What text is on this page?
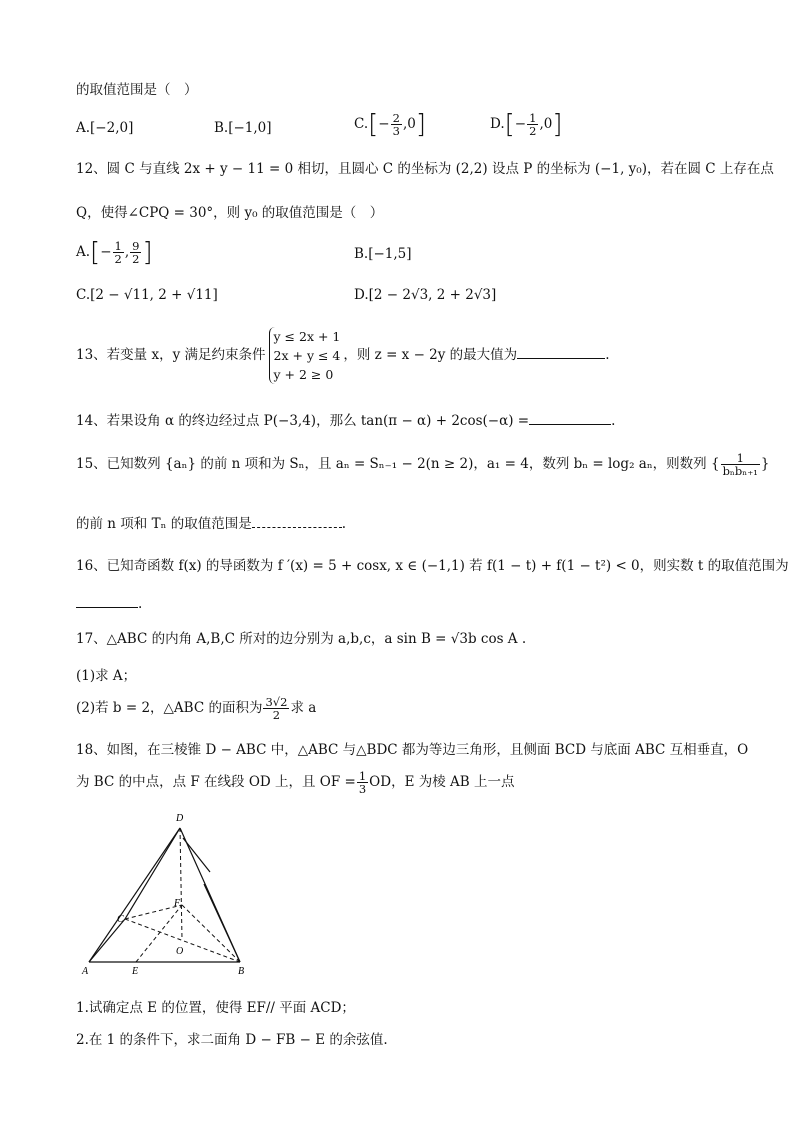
的取值范围是（　）
A.[−2,0]	B.[−1,0]	$C.[- \frac{2}{3} ,0]$	$D.[- \frac{1}{2} ,0]$
12、圆 C 与直线 2x + y − 11 = 0 相切，且圆心 C 的坐标为 (2,2) 设点 P 的坐标为 (−1, y₀)，若在圆 C 上存在点
Q，使得∠CPQ = 30°，则 y₀ 的取值范围是（　）
$A.[- \frac{1}{2}$ , $\frac{9}{2}$ ]	B.[−1,5]
C.[2 − √11, 2 + √11]	D.[2 − 2√3, 2 + 2√3]
13、若变量 x，y 满足约束条件
y ≤ 2x + 1
2x + y ≤ 4
y + 2 ≥ 0
，则 z = x − 2y 的最大值为	.
14、若果设角 α 的终边经过点 P(−3,4)，那么 tan(π − α) + 2cos(−α) =	.
15、已知数列 {aₙ} 的前 n 项和为 Sₙ，且 aₙ = Sₙ₋₁ − 2(n ≥ 2)，a₁ = 4，数列 bₙ = log₂ aₙ，则数列 { $\frac{1}{\text{bₙbₙ₊₁}}$ }
的前 n 项和 Tₙ 的取值范围是	.
16、已知奇函数 f(x) 的导函数为 f ′(x) = 5 + cosx, x ∈ (−1,1) 若 f(1 − t) + f(1 − t²) < 0，则实数 t 的取值范围为
.
17、△ABC 的内角 A,B,C 所对的边分别为 a,b,c，a sin B = √3b cos A .
(1)求 A；
(2)若 b = 2，△ABC 的面积为 $\frac{3√2}{2}$ 求 a
18、如图，在三棱锥 D − ABC 中，△ABC 与△BDC 都为等边三角形，且侧面 BCD 与底面 ABC 互相垂直，O
为 BC 的中点，点 F 在线段 OD 上，且 OF = $\frac{1}{3}$ OD，E 为棱 AB 上一点
D
C
F
O
A	E	B
1.试确定点 E 的位置，使得 EF// 平面 ACD；
2.在 1 的条件下，求二面角 D − FB − E 的余弦值.
